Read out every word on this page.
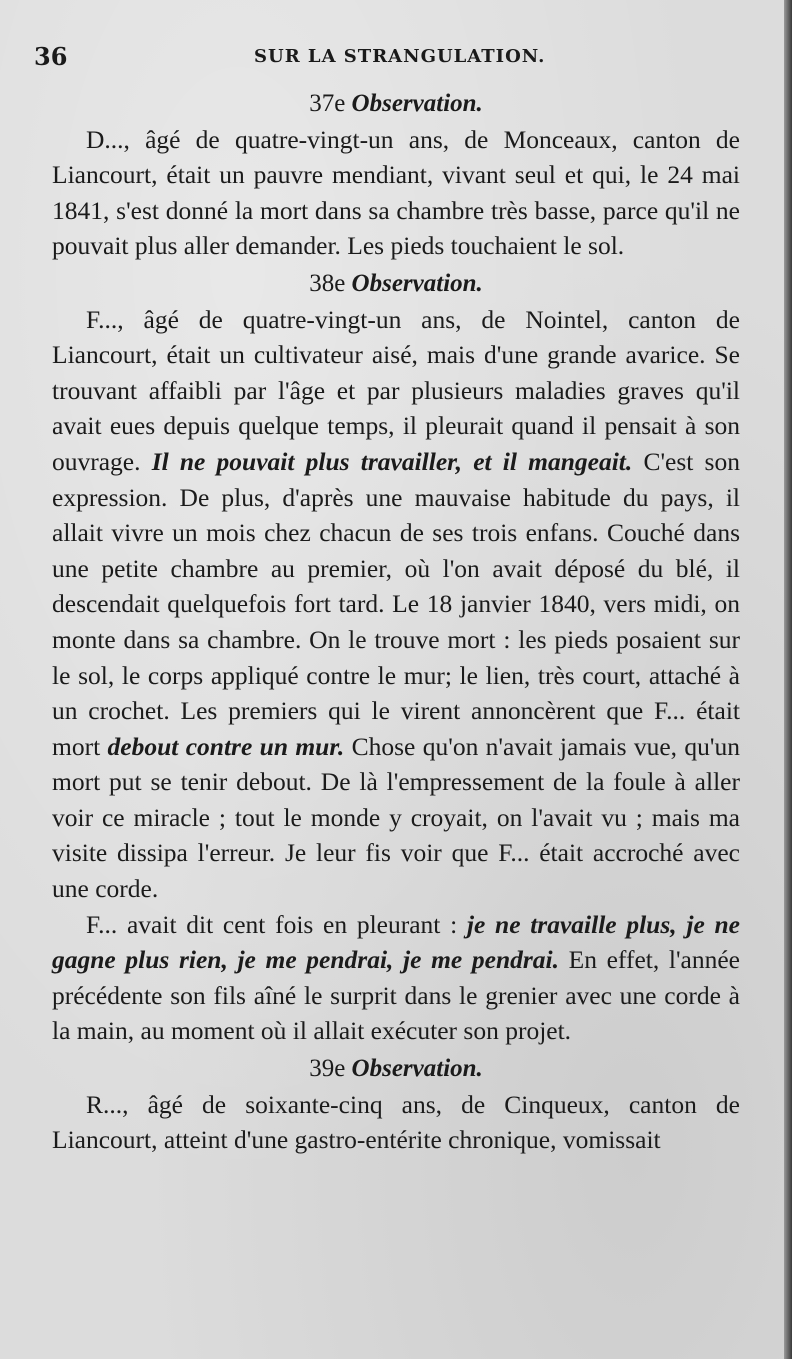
36	SUR LA STRANGULATION.

37e Observation.

D..., âgé de quatre-vingt-un ans, de Monceaux, canton de Liancourt, était un pauvre mendiant, vivant seul et qui, le 24 mai 1841, s'est donné la mort dans sa chambre très basse, parce qu'il ne pouvait plus aller demander. Les pieds touchaient le sol.

38e Observation.

F..., âgé de quatre-vingt-un ans, de Nointel, canton de Liancourt, était un cultivateur aisé, mais d'une grande avarice. Se trouvant affaibli par l'âge et par plusieurs maladies graves qu'il avait eues depuis quelque temps, il pleurait quand il pensait à son ouvrage. Il ne pouvait plus travailler, et il mangeait. C'est son expression. De plus, d'après une mauvaise habitude du pays, il allait vivre un mois chez chacun de ses trois enfans. Couché dans une petite chambre au premier, où l'on avait déposé du blé, il descendait quelquefois fort tard. Le 18 janvier 1840, vers midi, on monte dans sa chambre. On le trouve mort : les pieds posaient sur le sol, le corps appliqué contre le mur; le lien, très court, attaché à un crochet. Les premiers qui le virent annoncèrent que F... était mort debout contre un mur. Chose qu'on n'avait jamais vue, qu'un mort put se tenir debout. De là l'empressement de la foule à aller voir ce miracle ; tout le monde y croyait, on l'avait vu ; mais ma visite dissipa l'erreur. Je leur fis voir que F... était accroché avec une corde.

F... avait dit cent fois en pleurant : je ne travaille plus, je ne gagne plus rien, je me pendrai, je me pendrai. En effet, l'année précédente son fils aîné le surprit dans le grenier avec une corde à la main, au moment où il allait exécuter son projet.

39e Observation.

R..., âgé de soixante-cinq ans, de Cinqueux, canton de Liancourt, atteint d'une gastro-entérite chronique, vomissait
